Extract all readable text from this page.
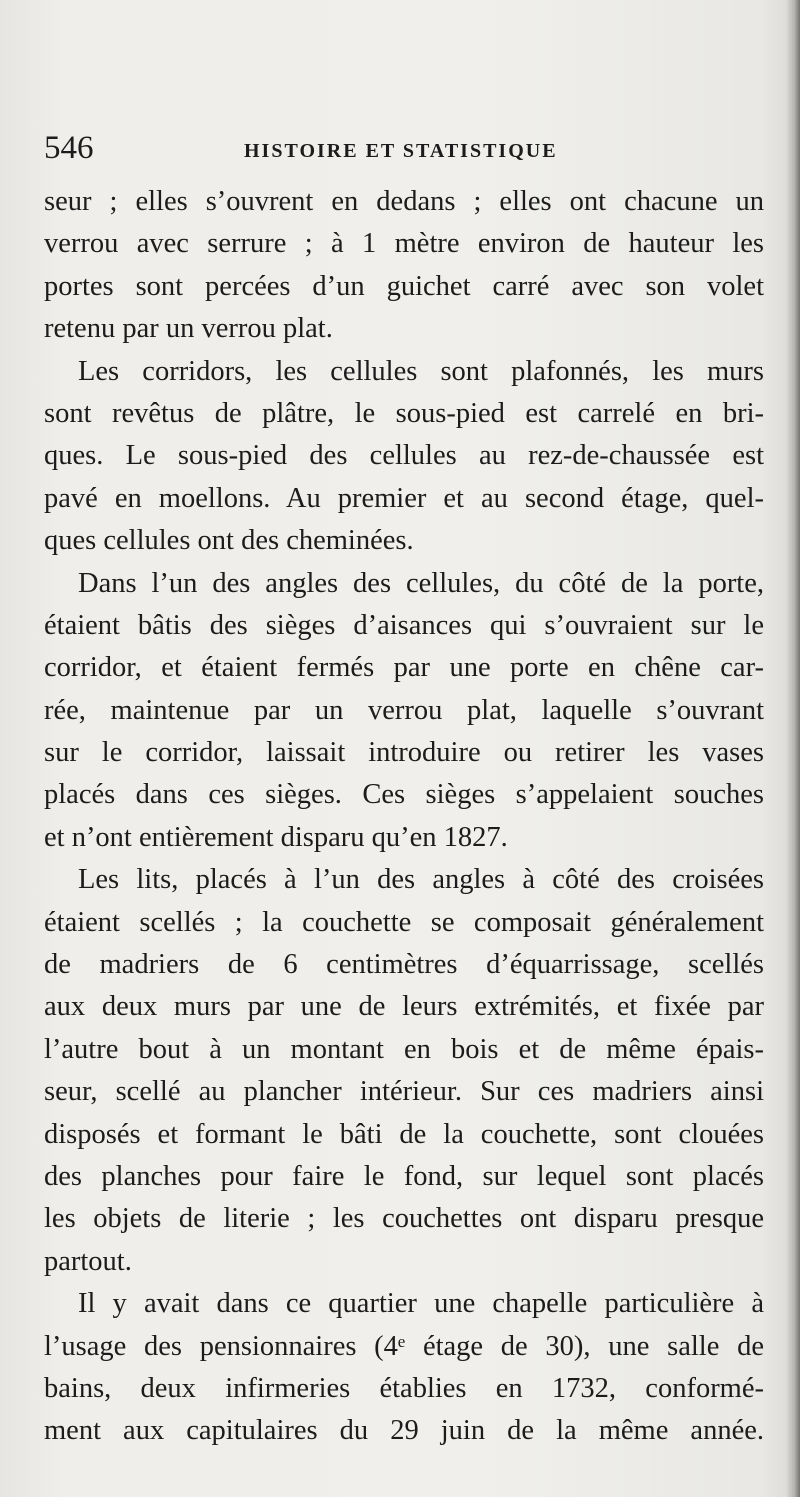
546	HISTOIRE ET STATISTIQUE
seur ; elles s’ouvrent en dedans ; elles ont chacune un
verrou avec serrure ; à 1 mètre environ de hauteur les
portes sont percées d’un guichet carré avec son volet
retenu par un verrou plat.
Les corridors, les cellules sont plafonnés, les murs
sont revêtus de plâtre, le sous-pied est carrelé en bri-
ques. Le sous-pied des cellules au rez-de-chaussée est
pavé en moellons. Au premier et au second étage, quel-
ques cellules ont des cheminées.
Dans l’un des angles des cellules, du côté de la porte,
étaient bâtis des sièges d’aisances qui s’ouvraient sur le
corridor, et étaient fermés par une porte en chêne car-
rée, maintenue par un verrou plat, laquelle s’ouvrant
sur le corridor, laissait introduire ou retirer les vases
placés dans ces sièges. Ces sièges s’appelaient souches
et n’ont entièrement disparu qu’en 1827.
Les lits, placés à l’un des angles à côté des croisées
étaient scellés ; la couchette se composait généralement
de madriers de 6 centimètres d’équarrissage, scellés
aux deux murs par une de leurs extrémités, et fixée par
l’autre bout à un montant en bois et de même épais-
seur, scellé au plancher intérieur. Sur ces madriers ainsi
disposés et formant le bâti de la couchette, sont clouées
des planches pour faire le fond, sur lequel sont placés
les objets de literie ; les couchettes ont disparu presque
partout.
Il y avait dans ce quartier une chapelle particulière à
l’usage des pensionnaires (4ᵉ étage de 30), une salle de
bains, deux infirmeries établies en 1732, conformé-
ment aux capitulaires du 29 juin de la même année.
